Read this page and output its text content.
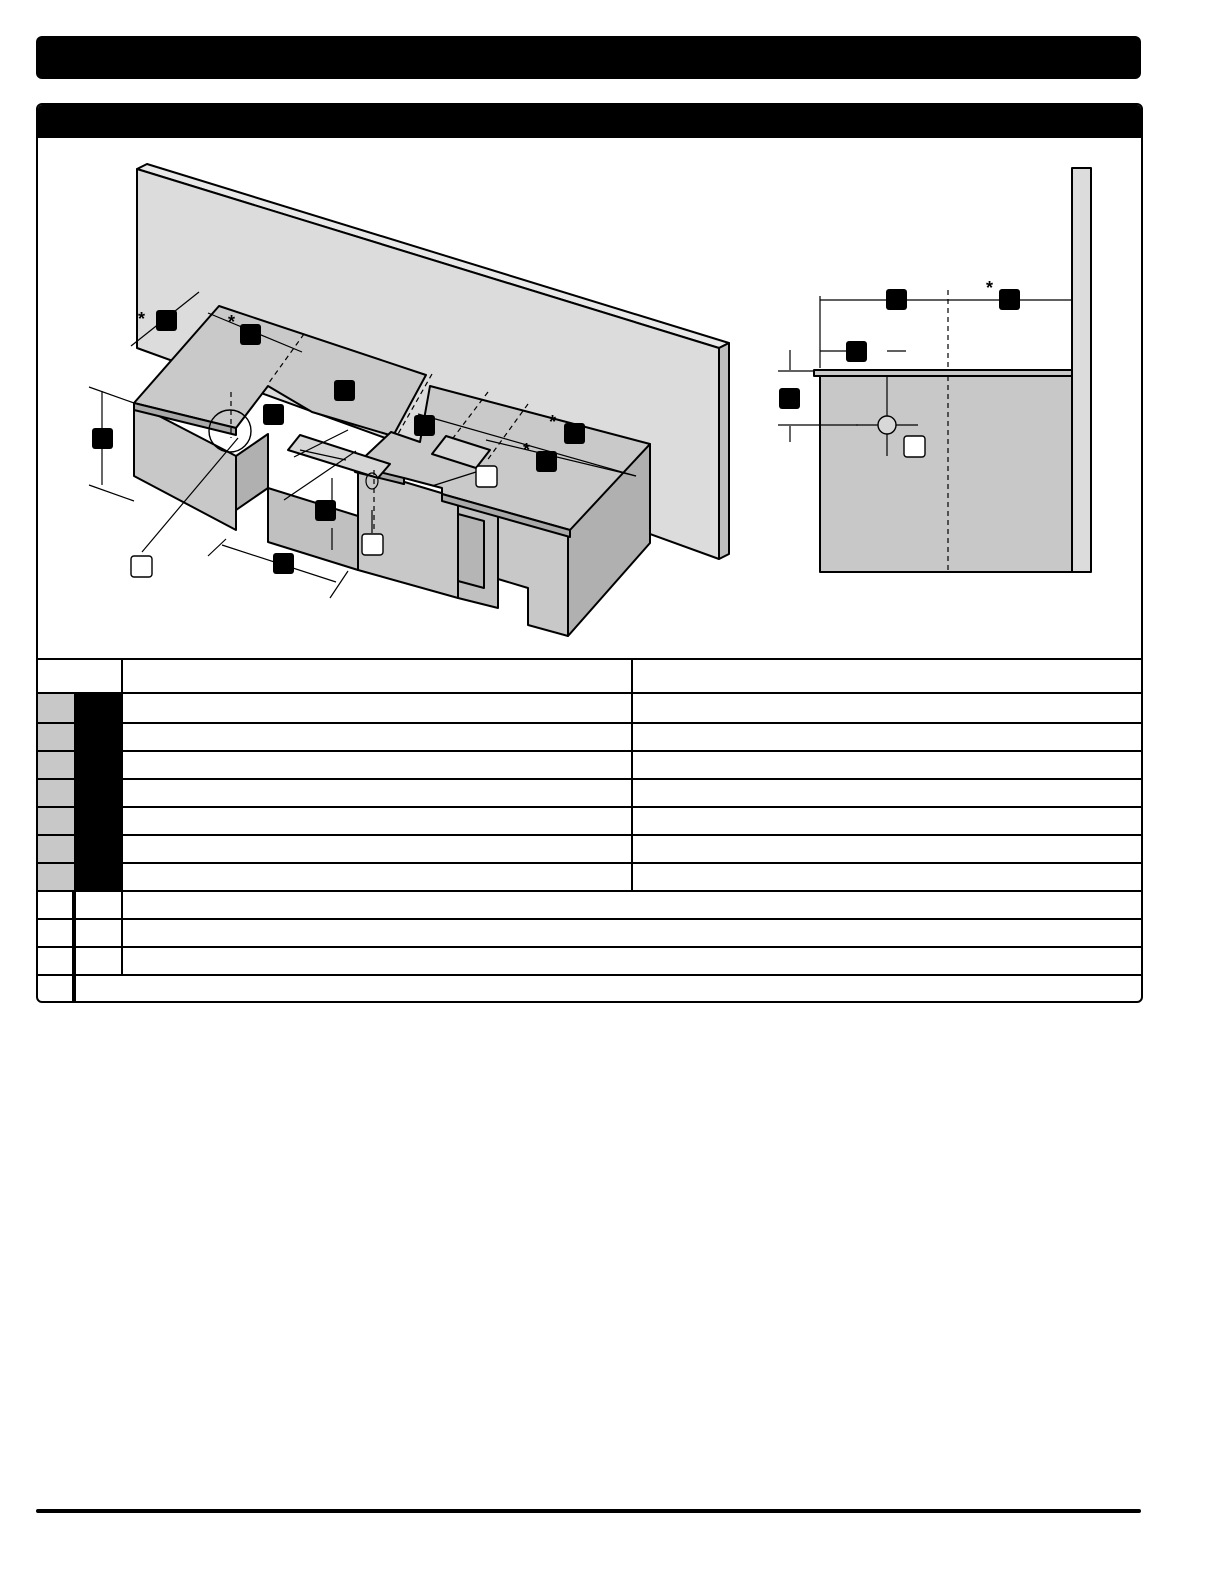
*	*
*
*
*
